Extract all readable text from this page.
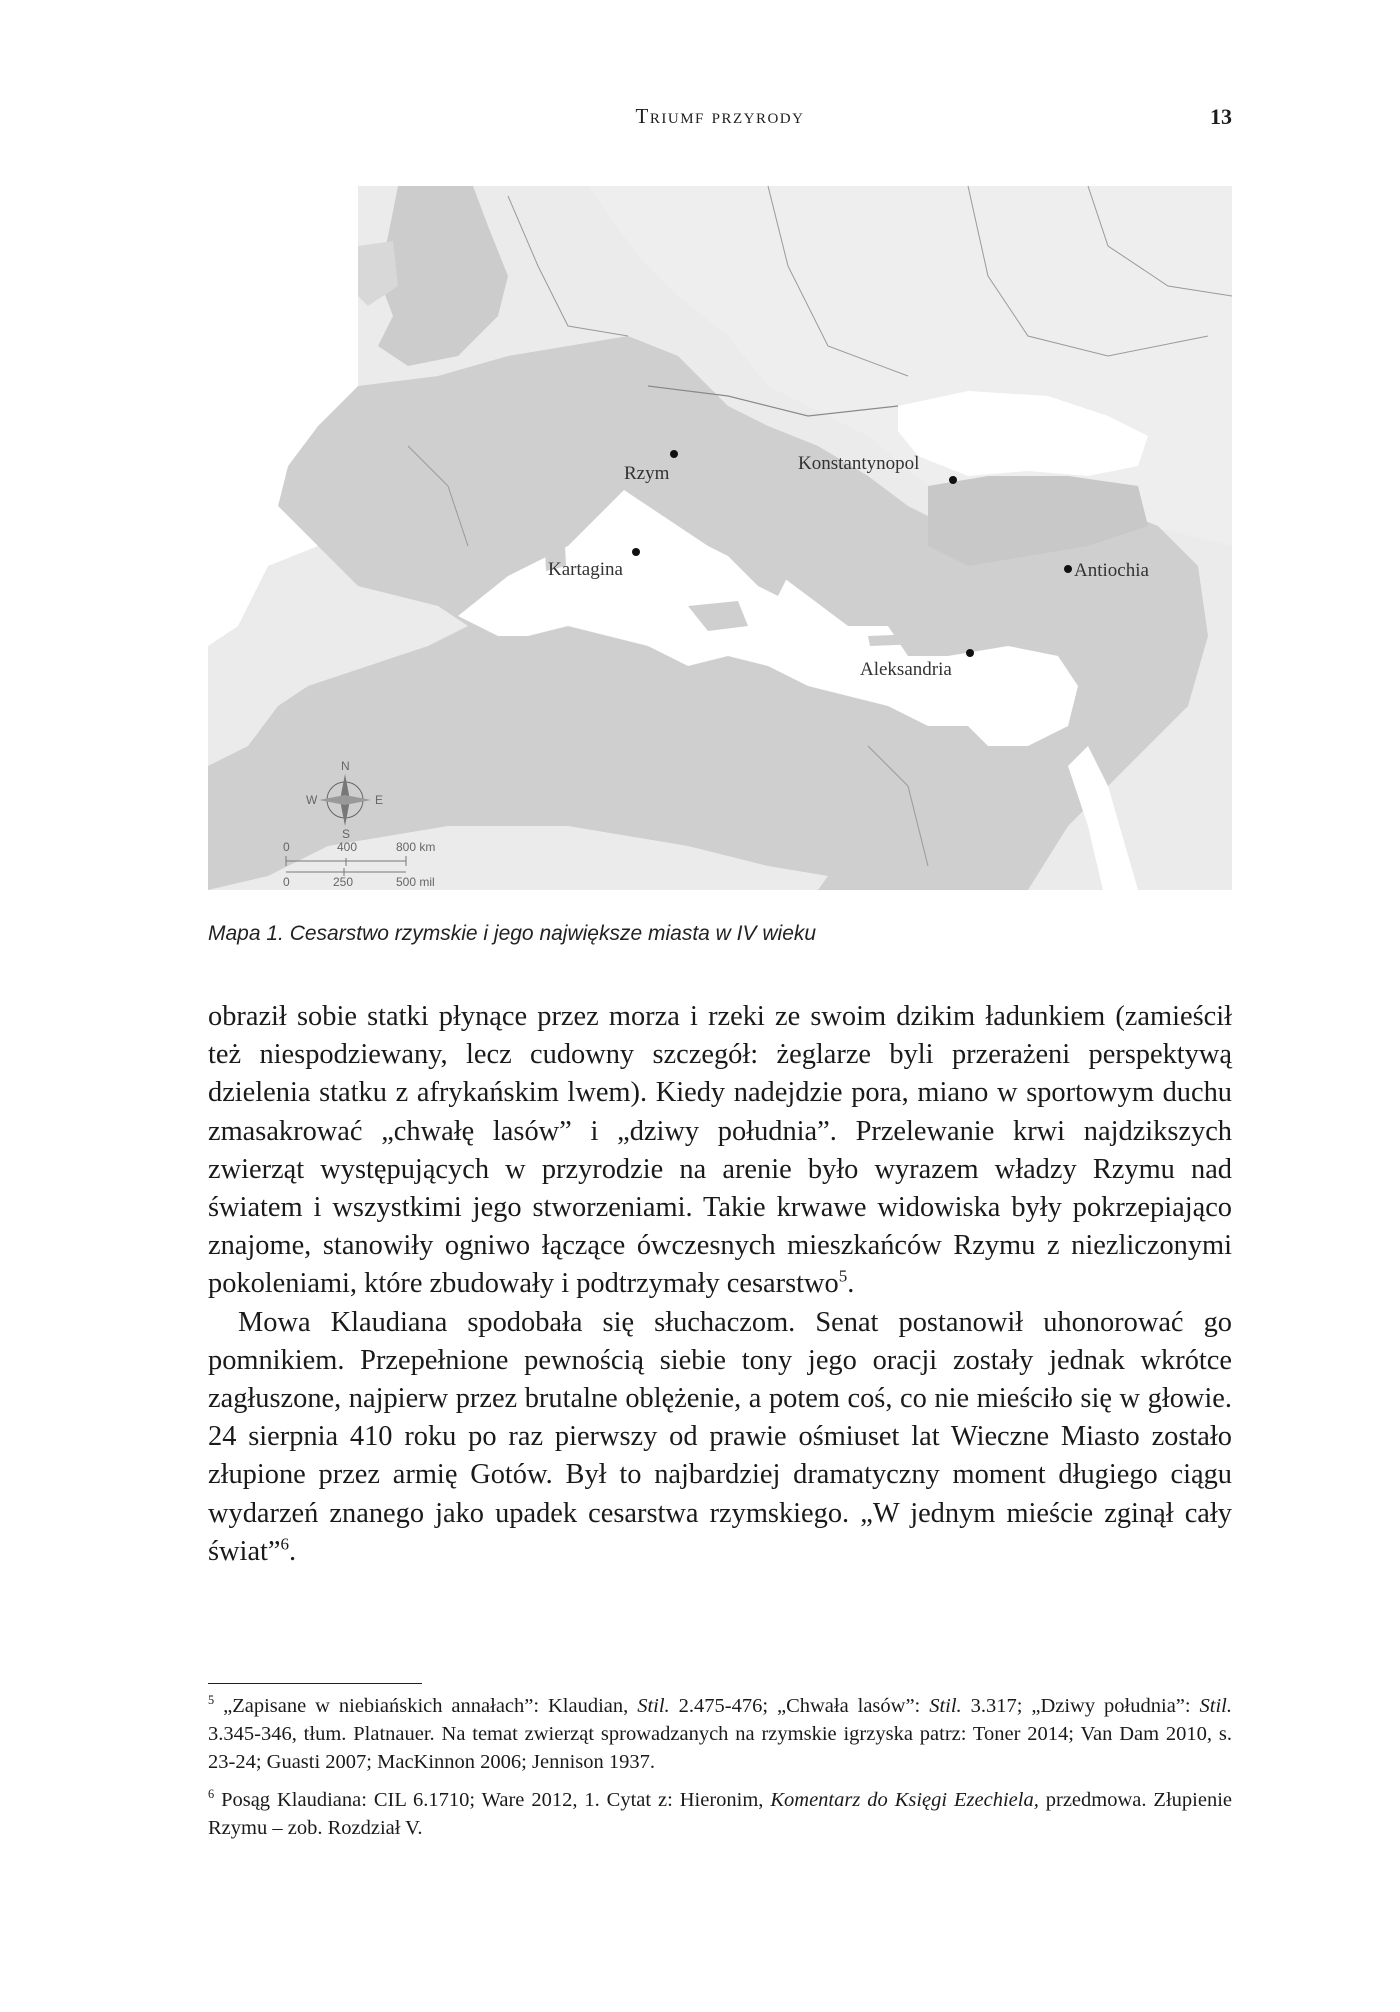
Triumf przyrody	13
Rzym	Konstantynopol
Kartagina	Antiochia
Aleksandria
N
S
E
W
0	400	800 km
0	250	500 mil
Mapa 1. Cesarstwo rzymskie i jego największe miasta w IV wieku

obraził sobie statki płynące przez morza i rzeki ze swoim dzikim ładunkiem (zamieścił też niespodziewany, lecz cudowny szczegół: żeglarze byli przerażeni perspektywą dzielenia statku z afrykańskim lwem). Kiedy nadejdzie pora, miano w sportowym duchu zmasakrować „chwałę lasów” i „dziwy południa”. Przelewanie krwi najdzikszych zwierząt występujących w przyrodzie na arenie było wyrazem władzy Rzymu nad światem i wszystkimi jego stworzeniami. Takie krwawe widowiska były pokrzepiająco znajome, stanowiły ogniwo łączące ówczesnych mieszkańców Rzymu z niezliczonymi pokoleniami, które zbudowały i podtrzymały cesarstwo$^5$.

Mowa Klaudiana spodobała się słuchaczom. Senat postanowił uhonorować go pomnikiem. Przepełnione pewnością siebie tony jego oracji zostały jednak wkrótce zagłuszone, najpierw przez brutalne oblężenie, a potem coś, co nie mieściło się w głowie. 24 sierpnia 410 roku po raz pierwszy od prawie ośmiuset lat Wieczne Miasto zostało złupione przez armię Gotów. Był to najbardziej dramatyczny moment długiego ciągu wydarzeń znanego jako upadek cesarstwa rzymskiego. „W jednym mieście zginął cały świat”$^6$.

$^5$ „Zapisane w niebiańskich annałach”: Klaudian, Stil. 2.475-476; „Chwała lasów”: Stil. 3.317; „Dziwy południa”: Stil. 3.345-346, tłum. Platnauer. Na temat zwierząt sprowadzanych na rzymskie igrzyska patrz: Toner 2014; Van Dam 2010, s. 23-24; Guasti 2007; MacKinnon 2006; Jennison 1937.

$^6$ Posąg Klaudiana: CIL 6.1710; Ware 2012, 1. Cytat z: Hieronim, Komentarz do Księgi Ezechiela, przedmowa. Złupienie Rzymu – zob. Rozdział V.
